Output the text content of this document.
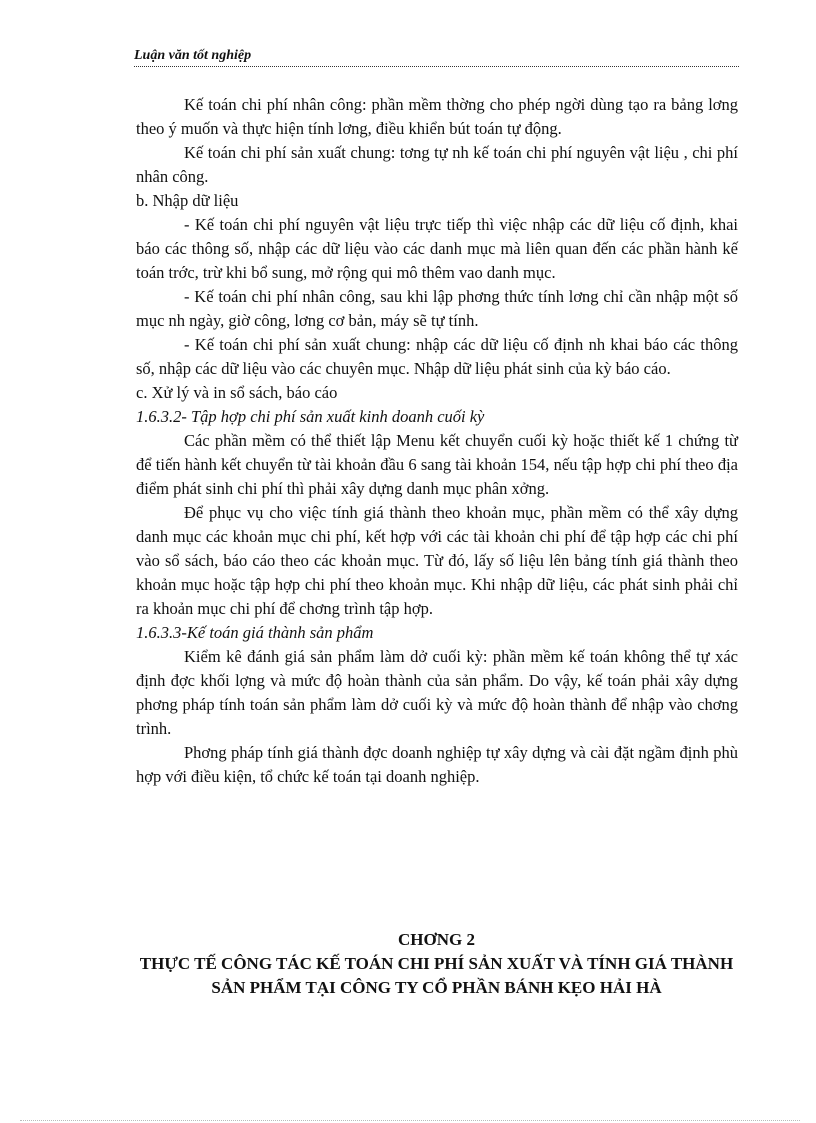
Luận văn tốt nghiệp

Kế toán chi phí nhân công: phần mềm thờng cho phép ngời dùng tạo ra bảng lơng theo ý muốn và thực hiện tính lơng, điều khiển bút toán tự động.

Kế toán chi phí sản xuất chung: tơng tự nh kế toán chi phí nguyên vật liệu , chi phí nhân công.

b. Nhập dữ liệu

- Kế toán chi phí nguyên vật liệu trực tiếp thì việc nhập các dữ liệu cố định, khai báo các thông số, nhập các dữ liệu vào các danh mục mà liên quan đến các phần hành kế toán trớc, trừ khi bổ sung, mở rộng qui mô thêm vao danh mục.

- Kế toán chi phí nhân công, sau khi lập phơng thức tính lơng chỉ cần nhập một số mục nh ngày, giờ công, lơng cơ bản, máy sẽ tự tính.

- Kế toán chi phí sản xuất chung: nhập các dữ liệu cố định nh khai báo các thông số, nhập các dữ liệu vào các chuyên mục. Nhập dữ liệu phát sinh của kỳ báo cáo.

c. Xử lý và in sổ sách, báo cáo

1.6.3.2- Tập hợp chi phí sản xuất kinh doanh cuối kỳ

Các phần mềm có thể thiết lập Menu kết chuyển cuối kỳ hoặc thiết kế 1 chứng từ để tiến hành kết chuyển từ tài khoản đầu 6 sang tài khoản 154, nếu tập hợp chi phí theo địa điểm phát sinh chi phí thì phải xây dựng danh mục phân xởng.

Để phục vụ cho việc tính giá thành theo khoản mục, phần mềm có thể xây dựng danh mục các khoản mục chi phí, kết hợp với các tài khoản chi phí để tập hợp các chi phí vào sổ sách, báo cáo theo các khoản mục. Từ đó, lấy số liệu lên bảng tính giá thành theo khoản mục hoặc tập hợp chi phí theo khoản mục. Khi nhập dữ liệu, các phát sinh phải chỉ ra khoản mục chi phí để chơng trình tập hợp.

1.6.3.3-Kế toán giá thành sản phẩm

Kiểm kê đánh giá sản phẩm làm dở cuối kỳ: phần mềm kế toán không thể tự xác định đợc khối lợng và mức độ hoàn thành của sản phẩm. Do vậy, kế toán phải xây dựng phơng pháp tính toán sản phẩm làm dở cuối kỳ và mức độ hoàn thành để nhập vào chơng trình.

Phơng pháp tính giá thành đợc doanh nghiệp tự xây dựng và cài đặt ngầm định phù hợp với điều kiện, tổ chức kế toán tại doanh nghiệp.

CHƠNG 2
THỰC TẾ CÔNG TÁC KẾ TOÁN CHI PHÍ SẢN XUẤT VÀ TÍNH GIÁ THÀNH SẢN PHẨM TẠI CÔNG TY CỔ PHẦN BÁNH KẸO HẢI HÀ
